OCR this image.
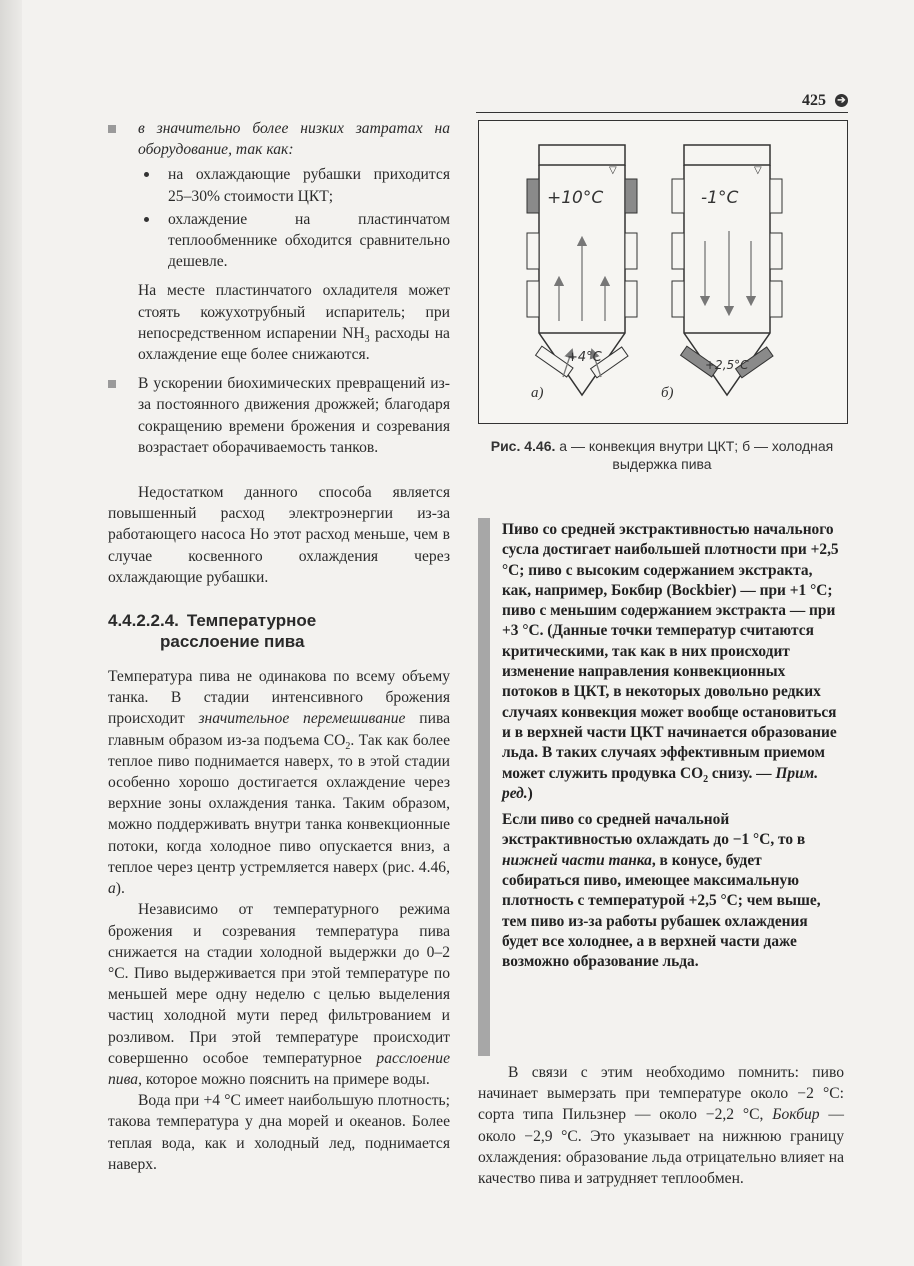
425 ➔

в значительно более низких затратах на оборудование, так как:

на охлаждающие рубашки приходится 25–30% стоимости ЦКТ;
охлаждение на пластинчатом теплообменнике обходится сравнительно дешевле.

На месте пластинчатого охладителя может стоять кожухотрубный испаритель; при непосредственном испарении $NH_3$ расходы на охлаждение еще более снижаются.

В ускорении биохимических превращений из-за постоянного движения дрожжей; благодаря сокращению времени брожения и созревания возрастает оборачиваемость танков.

Недостатком данного способа является повышенный расход электроэнергии из-за работающего насоса Но этот расход меньше, чем в случае косвенного охлаждения через охлаждающие рубашки.

4.4.2.2.4. Температурное
расслоение пива

Температура пива не одинакова по всему объему танка. В стадии интенсивного брожения происходит значительное перемешивание пива главным образом из-за подъема $CO_2$. Так как более теплое пиво поднимается наверх, то в этой стадии особенно хорошо достигается охлаждение через верхние зоны охлаждения танка. Таким образом, можно поддерживать внутри танка конвекционные потоки, когда холодное пиво опускается вниз, а теплое через центр устремляется наверх (рис. 4.46, а).

Независимо от температурного режима брожения и созревания температура пива снижается на стадии холодной выдержки до 0–2 °С. Пиво выдерживается при этой температуре по меньшей мере одну неделю с целью выделения частиц холодной мути перед фильтрованием и розливом. При этой температуре происходит совершенно особое температурное расслоение пива, которое можно пояснить на примере воды.

Вода при +4 °С имеет наибольшую плотность; такова температура у дна морей и океанов. Более теплая вода, как и холодный лед, поднимается наверх.

▽
+10°C
+4°C
а)
▽
-1°C
+2,5°C
б)
Рис. 4.46. а — конвекция внутри ЦКТ; б — холодная выдержка пива

Пиво со средней экстрактивностью начального сусла достигает наибольшей плотности при +2,5 °С; пиво с высоким содержанием экстракта, как, например, Бокбир (Bockbier) — при +1 °С; пиво с меньшим содержанием экстракта — при +3 °С. (Данные точки температур считаются критическими, так как в них происходит изменение направления конвекционных потоков в ЦКТ, в некоторых довольно редких случаях конвекция может вообще остановиться и в верхней части ЦКТ начинается образование льда. В таких случаях эффективным приемом может служить продувка $CO_2$ снизу. — Прим. ред.)

Если пиво со средней начальной экстрактивностью охлаждать до −1 °С, то в нижней части танка, в конусе, будет собираться пиво, имеющее максимальную плотность с температурой +2,5 °С; чем выше, тем пиво из-за работы рубашек охлаждения будет все холоднее, а в верхней части даже возможно образование льда.

В связи с этим необходимо помнить: пиво начинает вымерзать при температуре около −2 °С: сорта типа Пильзнер — около −2,2 °С, Бокбир — около −2,9 °С. Это указывает на нижнюю границу охлаждения: образование льда отрицательно влияет на качество пива и затрудняет теплообмен.
